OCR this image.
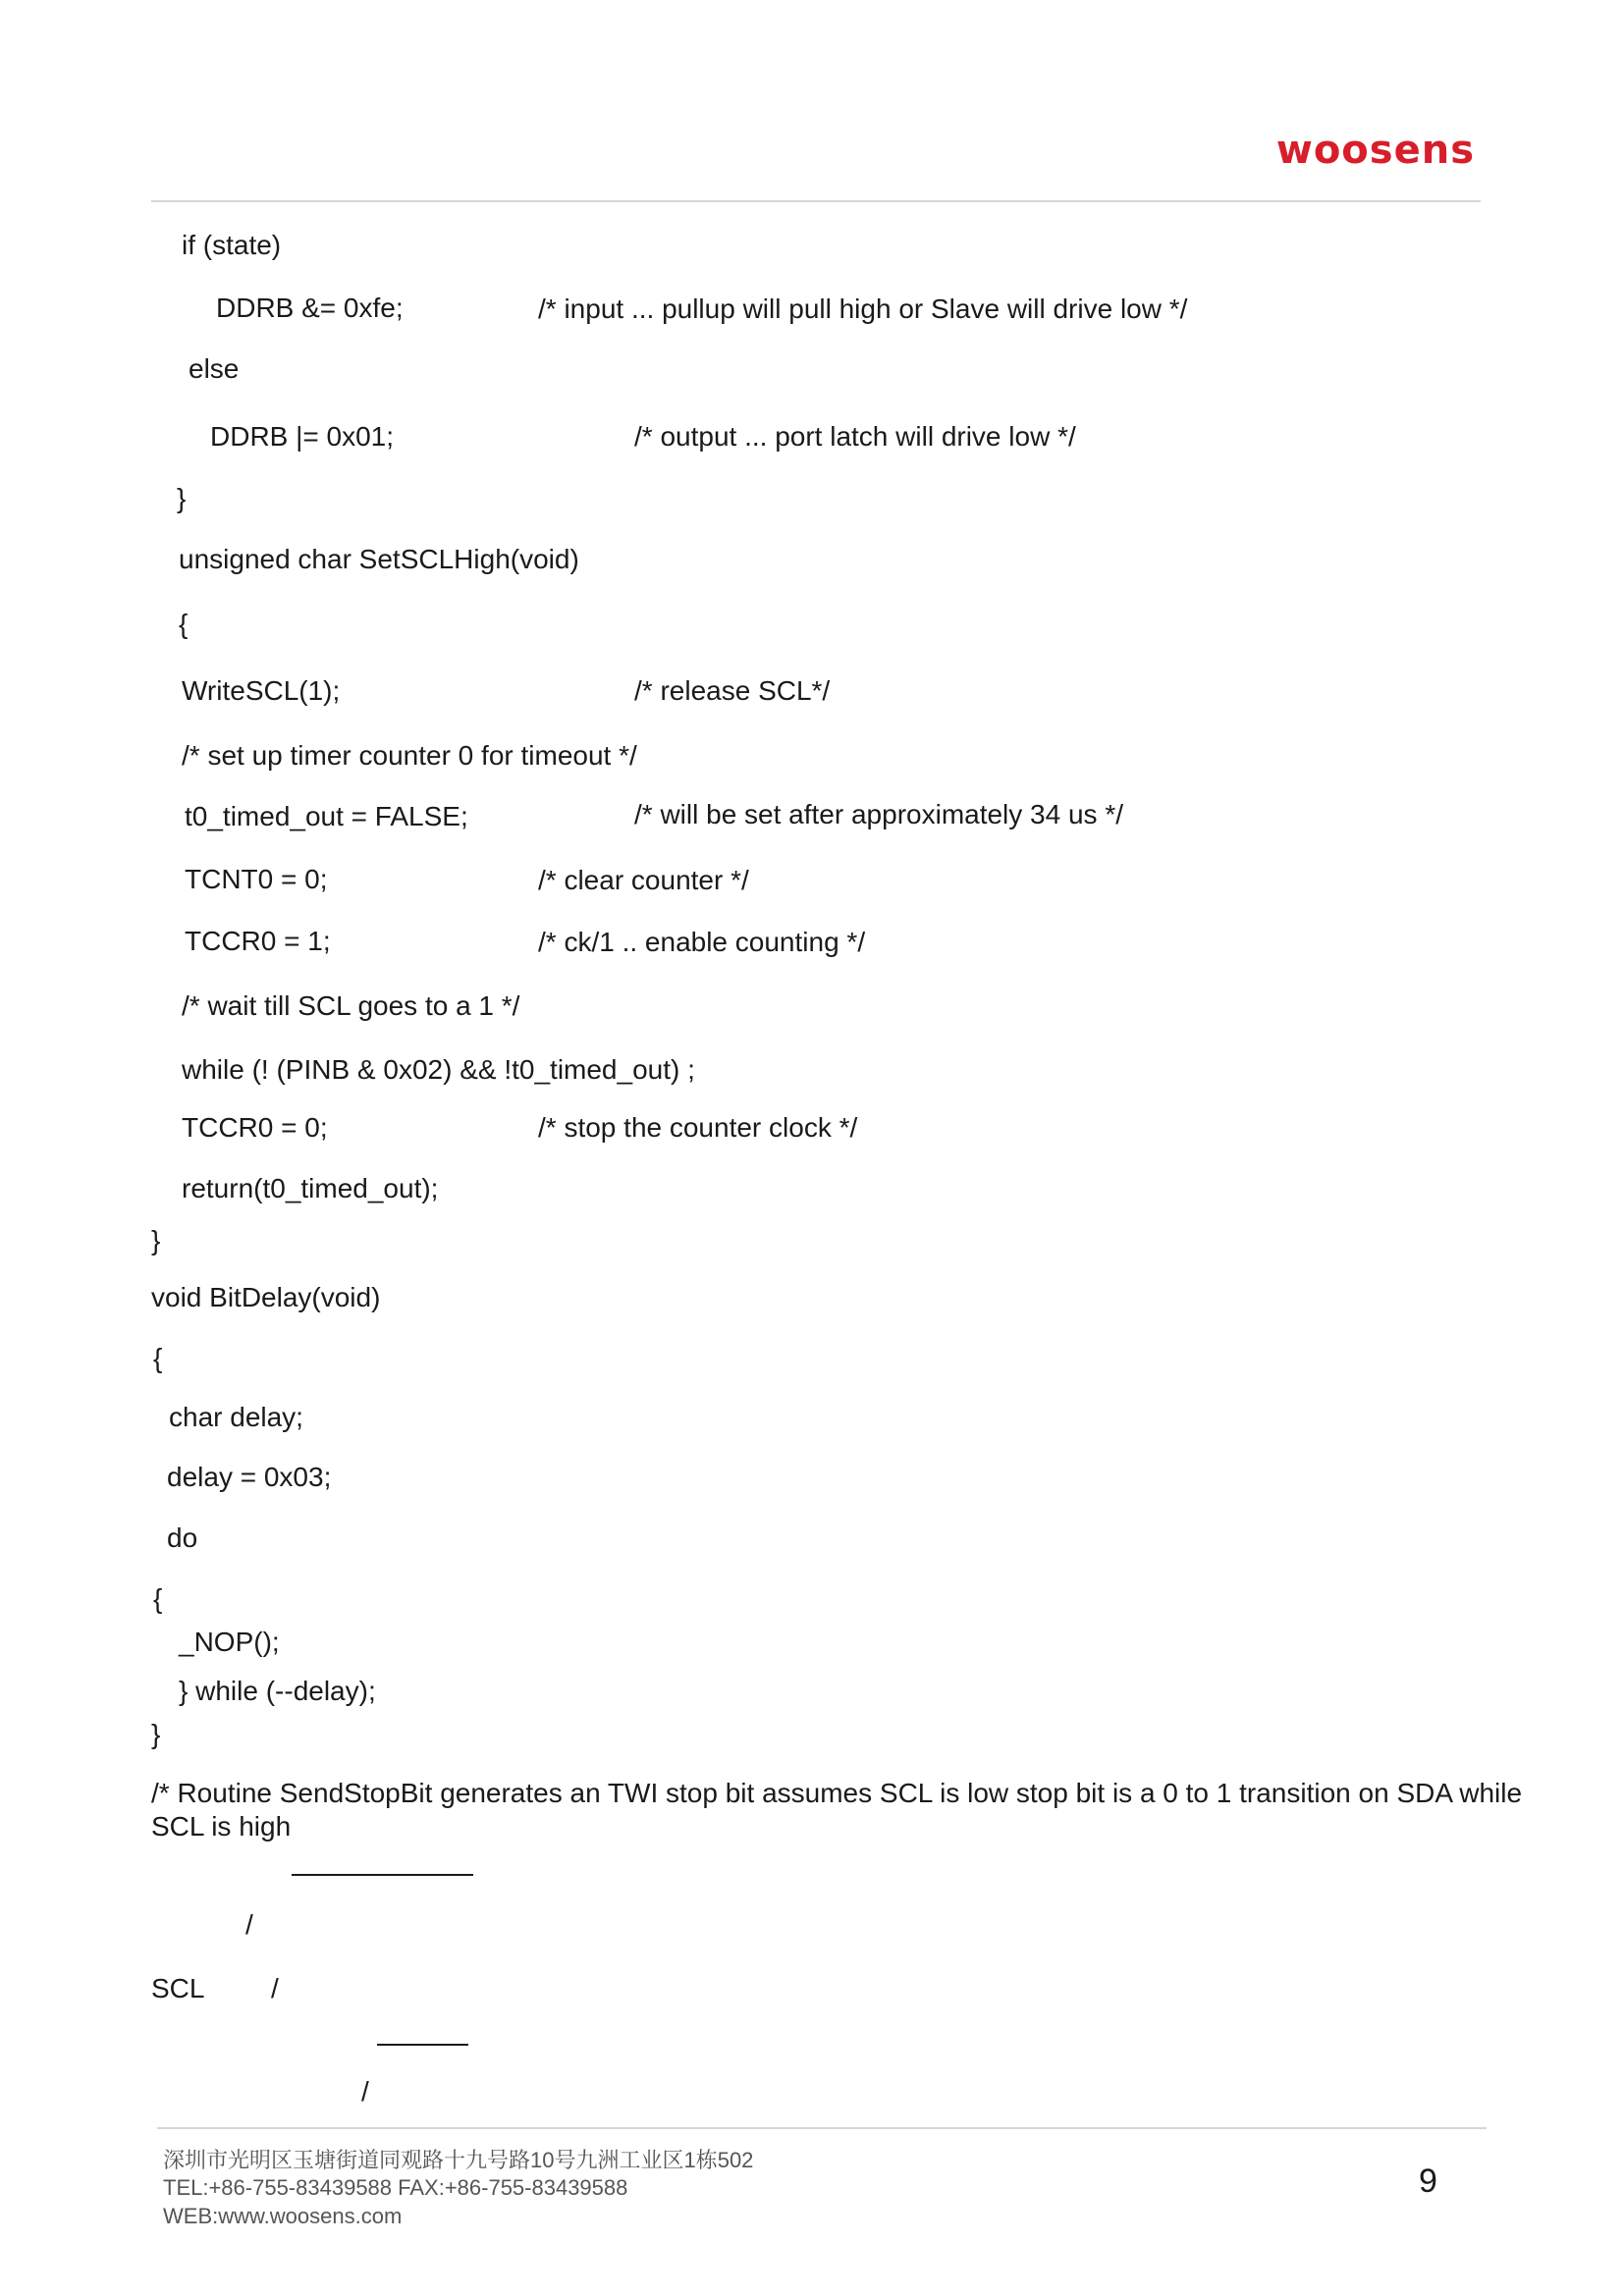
woosens
if (state)
DDRB &= 0xfe;	/* input ... pullup will pull high or Slave will drive low */
else
DDRB |= 0x01;	/* output ... port latch will drive low */
}
unsigned char SetSCLHigh(void)
{
WriteSCL(1);	/* release SCL*/
/* set up timer counter 0 for timeout */
t0_timed_out = FALSE;	/* will be set after approximately 34 us */
TCNT0 = 0;	/* clear counter */
TCCR0 = 1;	/* ck/1 .. enable counting */
/* wait till SCL goes to a 1 */
while (! (PINB & 0x02) && !t0_timed_out) ;
TCCR0 = 0;	/* stop the counter clock */
return(t0_timed_out);
}
void BitDelay(void)
{
char delay;
delay = 0x03;
do
{
_NOP();
} while (--delay);
}
/* Routine SendStopBit generates an TWI stop bit assumes SCL is low stop bit is a 0 to 1 transition on SDA while SCL is high
/
SCL /
/
深圳市光明区玉塘街道同观路十九号路10号九洲工业区1栋502
TEL:+86-755-83439588 FAX:+86-755-83439588
WEB:www.woosens.com
9
